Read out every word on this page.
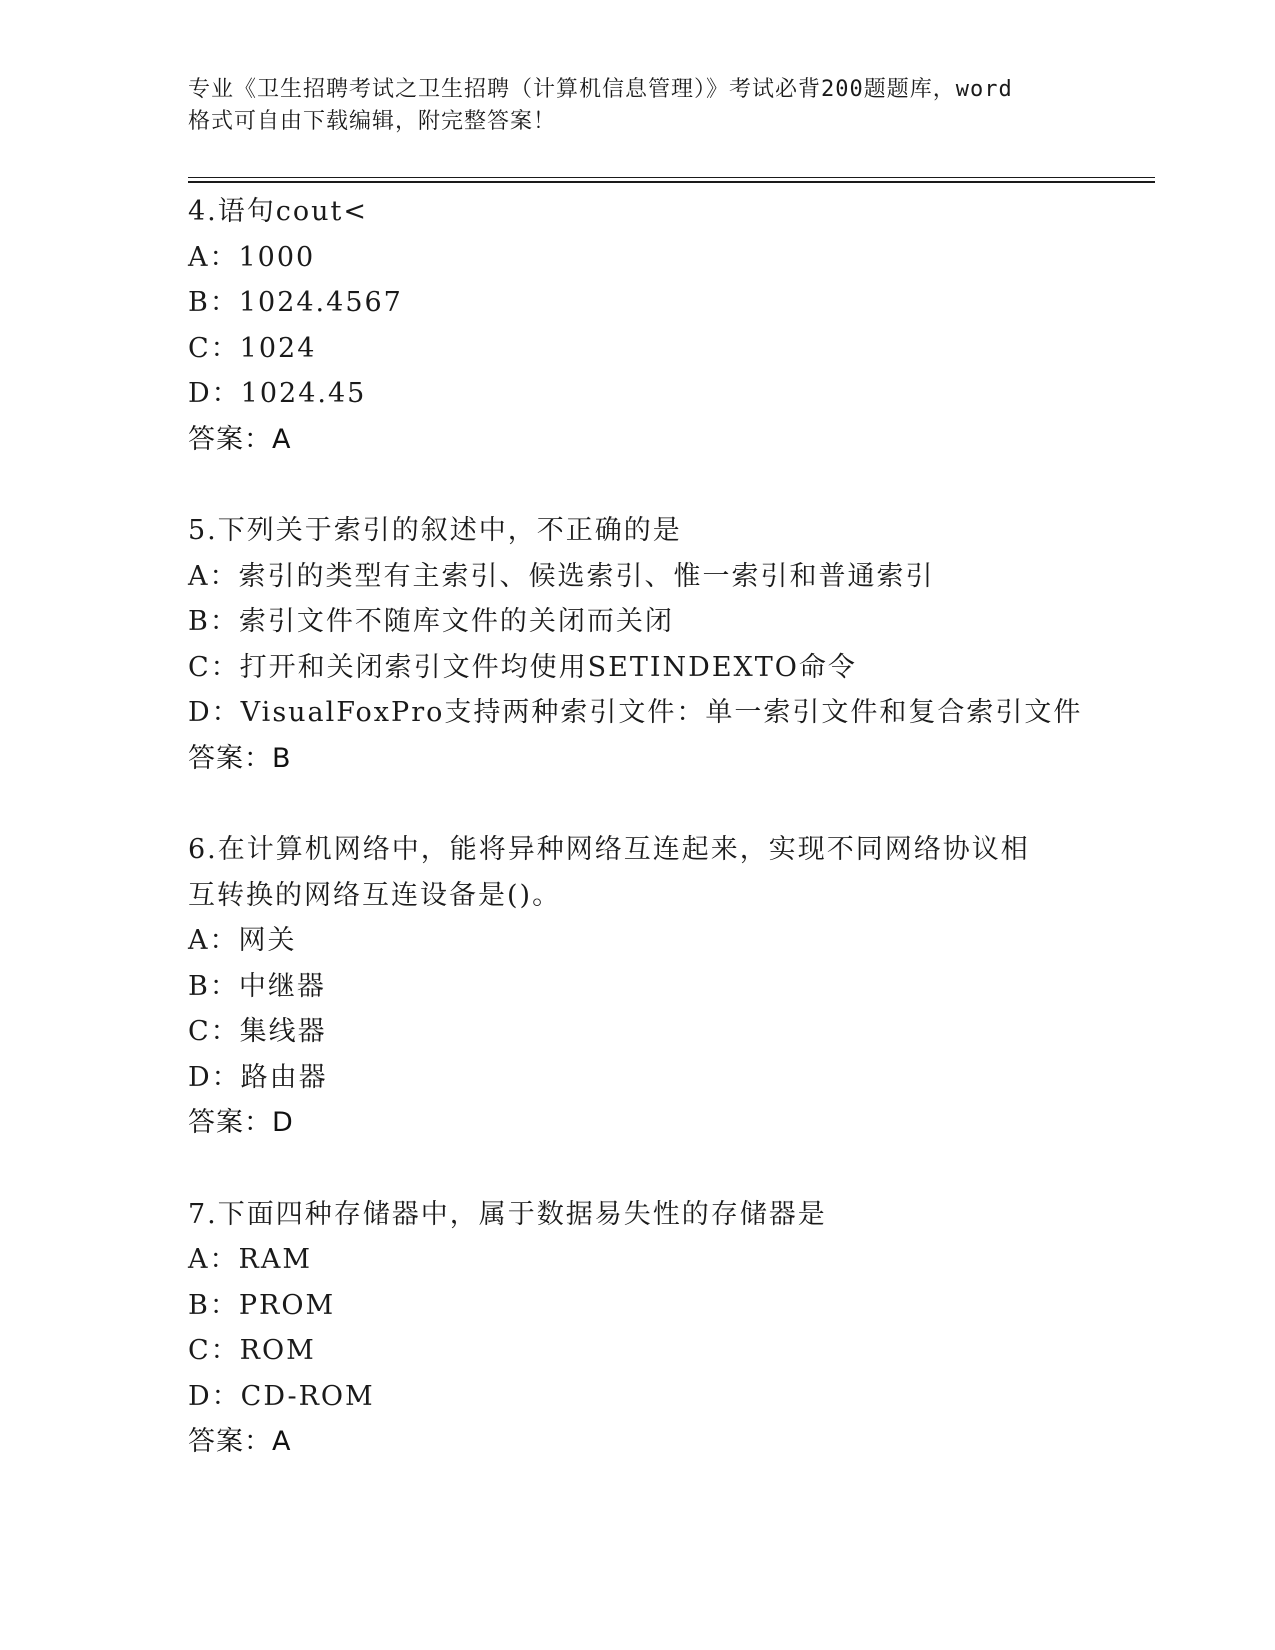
专业《卫生招聘考试之卫生招聘（计算机信息管理）》考试必背200题题库，word
格式可自由下载编辑，附完整答案！
4.语句cout<
A：1000
B：1024.4567
C：1024
D：1024.45
答案：A
5.下列关于索引的叙述中，不正确的是
A：索引的类型有主索引、候选索引、惟一索引和普通索引
B：索引文件不随库文件的关闭而关闭
C：打开和关闭索引文件均使用SETINDEXTO命令
D：VisualFoxPro支持两种索引文件：单一索引文件和复合索引文件
答案：B
6.在计算机网络中，能将异种网络互连起来，实现不同网络协议相互转换的网络互连设备是()。
A：网关
B：中继器
C：集线器
D：路由器
答案：D
7.下面四种存储器中，属于数据易失性的存储器是
A：RAM
B：PROM
C：ROM
D：CD-ROM
答案：A
